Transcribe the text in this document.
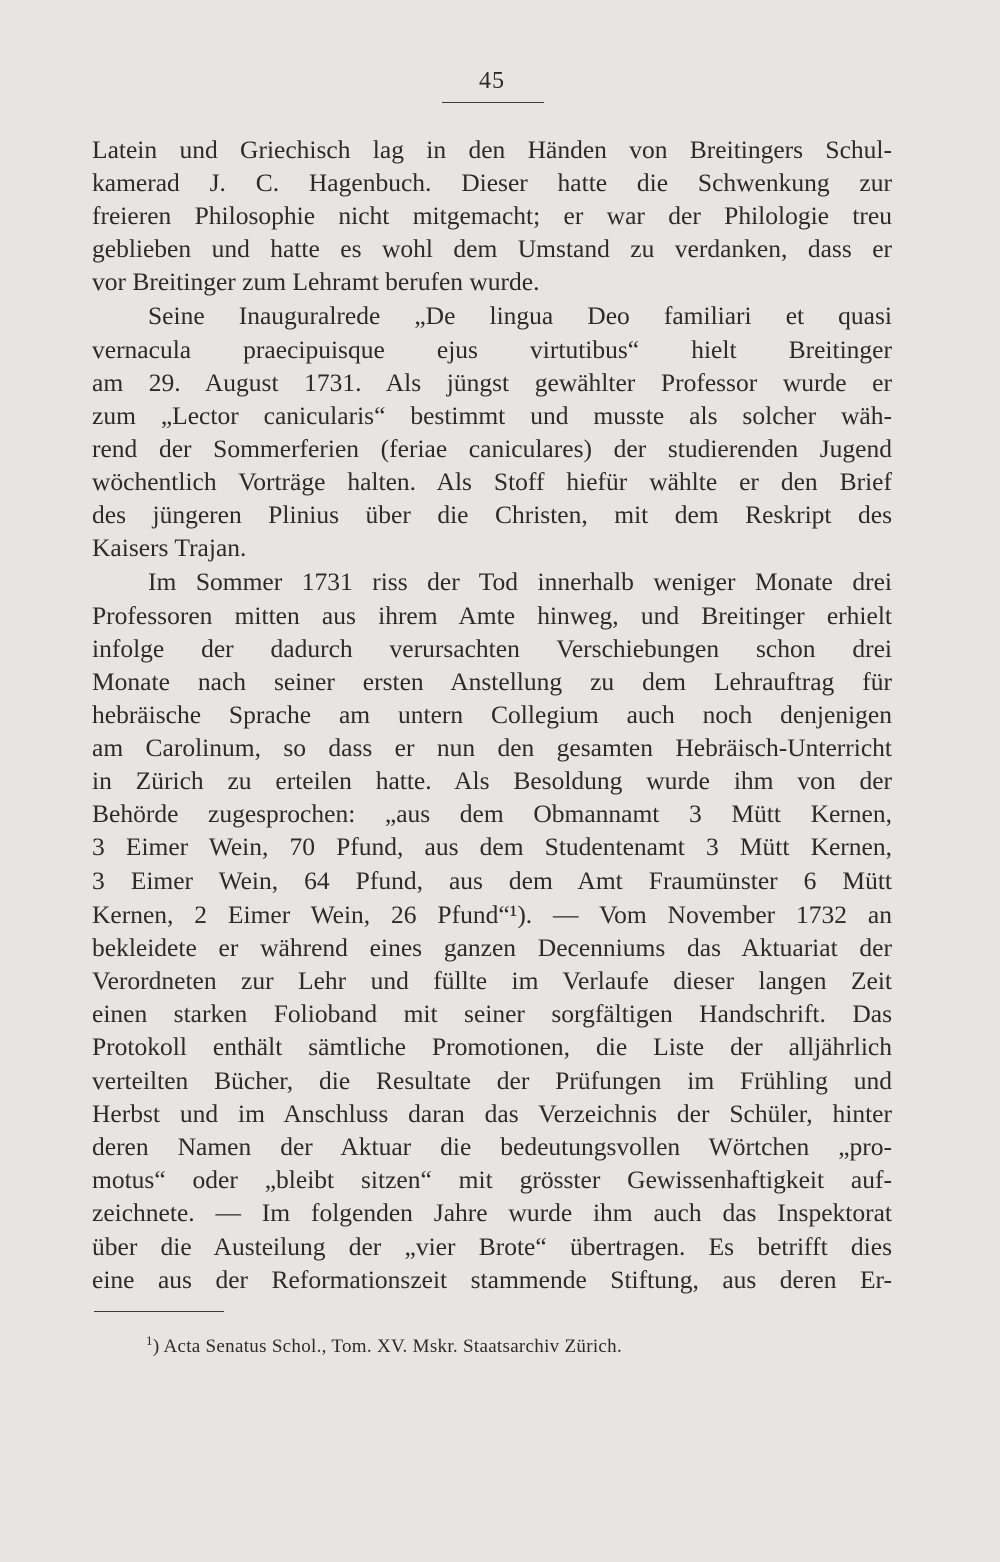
45
Latein und Griechisch lag in den Händen von Breitingers Schul-
kamerad J. C. Hagenbuch. Dieser hatte die Schwenkung zur
freieren Philosophie nicht mitgemacht; er war der Philologie treu
geblieben und hatte es wohl dem Umstand zu verdanken, dass er
vor Breitinger zum Lehramt berufen wurde.
Seine Inauguralrede „De lingua Deo familiari et quasi
vernacula praecipuisque ejus virtutibus“ hielt Breitinger
am 29. August 1731. Als jüngst gewählter Professor wurde er
zum „Lector canicularis“ bestimmt und musste als solcher wäh-
rend der Sommerferien (feriae caniculares) der studierenden Jugend
wöchentlich Vorträge halten. Als Stoff hiefür wählte er den Brief
des jüngeren Plinius über die Christen, mit dem Reskript des
Kaisers Trajan.
Im Sommer 1731 riss der Tod innerhalb weniger Monate drei
Professoren mitten aus ihrem Amte hinweg, und Breitinger erhielt
infolge der dadurch verursachten Verschiebungen schon drei
Monate nach seiner ersten Anstellung zu dem Lehrauftrag für
hebräische Sprache am untern Collegium auch noch denjenigen
am Carolinum, so dass er nun den gesamten Hebräisch-Unterricht
in Zürich zu erteilen hatte. Als Besoldung wurde ihm von der
Behörde zugesprochen: „aus dem Obmannamt 3 Mütt Kernen,
3 Eimer Wein, 70 Pfund, aus dem Studentenamt 3 Mütt Kernen,
3 Eimer Wein, 64 Pfund, aus dem Amt Fraumünster 6 Mütt
Kernen, 2 Eimer Wein, 26 Pfund“¹). — Vom November 1732 an
bekleidete er während eines ganzen Decenniums das Aktuariat der
Verordneten zur Lehr und füllte im Verlaufe dieser langen Zeit
einen starken Folioband mit seiner sorgfältigen Handschrift. Das
Protokoll enthält sämtliche Promotionen, die Liste der alljährlich
verteilten Bücher, die Resultate der Prüfungen im Frühling und
Herbst und im Anschluss daran das Verzeichnis der Schüler, hinter
deren Namen der Aktuar die bedeutungsvollen Wörtchen „pro-
motus“ oder „bleibt sitzen“ mit grösster Gewissenhaftigkeit auf-
zeichnete. — Im folgenden Jahre wurde ihm auch das Inspektorat
über die Austeilung der „vier Brote“ übertragen. Es betrifft dies
eine aus der Reformationszeit stammende Stiftung, aus deren Er-
$^1$) Acta Senatus Schol., Tom. XV. Mskr. Staatsarchiv Zürich.
